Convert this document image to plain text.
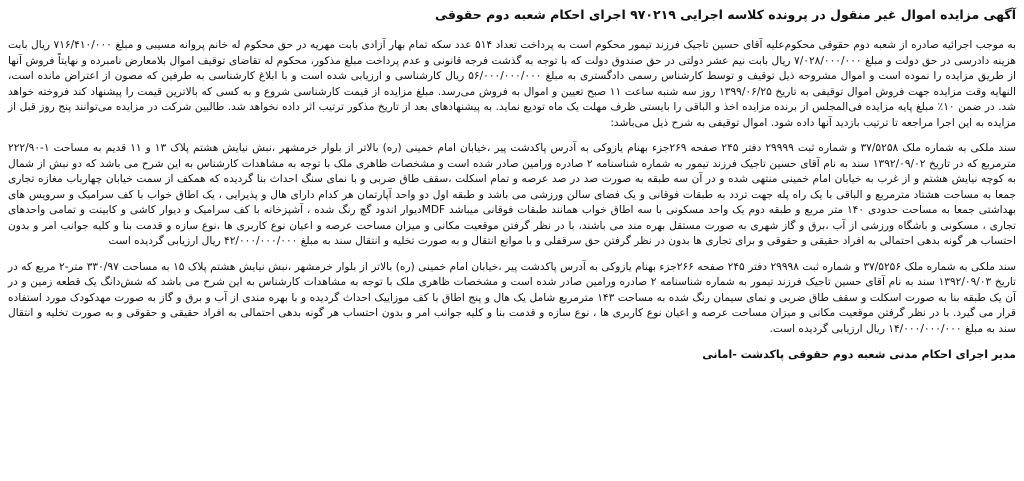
آگهی مزایده اموال غیر منقول در پرونده کلاسه اجرایی ۹۷۰۲۱۹ اجرای احکام شعبه دوم حقوقی

به موجب اجرائیه صادره از شعبه دوم حقوقی محکوم‌علیه آقای حسین تاجیک فرزند تیمور محکوم است به پرداخت تعداد ۵۱۴ عدد سکه تمام بهار آزادی بابت مهریه در حق محکوم له خانم پروانه مسیبی و مبلغ ۷۱۶/۴۱۰/۰۰۰ ریال بابت هزینه دادرسی در حق دولت و مبلغ ۷/۰۲۸/۰۰۰/۰۰۰ ریال بابت نیم عشر دولتی در حق صندوق دولت که با توجه به گذشت فرجه قانونی و عدم پرداخت مبلغ مذکور، محکوم له تقاضای توقیف اموال بلامعارض نامبرده و نهایتاً فروش آنها از طریق مزایده را نموده است و اموال مشروحه ذیل توقیف و توسط کارشناس رسمی دادگستری به مبلغ ۵۶/۰۰۰/۰۰۰/۰۰۰ ریال کارشناسی و ارزیابی شده است و با ابلاغ کارشناسی به طرفین که مصون از اعتراض مانده است، النهایه وقت مزایده جهت فروش اموال توقیفی به تاریخ ۱۳۹۹/۰۶/۲۵ روز سه شنبه ساعت ۱۱ صبح تعیین و اموال به فروش می‌رسد. مبلغ مزایده از قیمت کارشناسی شروع و به کسی که بالاترین قیمت را پیشنهاد کند فروخته خواهد شد. در ضمن ۱۰٪ مبلغ پایه مزایده فی‌المجلس از برنده مزایده اخذ و الباقی را بایستی ظرف مهلت یک ماه تودیع نماید. به پیشنهادهای بعد از تاریخ مذکور ترتیب اثر داده نخواهد شد. طالبین شرکت در مزایده می‌توانند پنج روز قبل از مزایده به این اجرا مراجعه تا ترتیب بازدید آنها داده شود. اموال توقیفی به شرح ذیل می‌باشد:

سند ملکی به شماره ملک ۳۷/۵۲۵۸ و شماره ثبت ۲۹۹۹۹ دفتر ۲۴۵ صفحه ۲۶۹جزء بهنام یازوکی به آدرس پاکدشت پیر ،خیابان امام خمینی (ره) بالاتر از بلوار خرمشهر ،نبش نیایش هشتم پلاک ۱۳ و ۱۱ قدیم به مساحت ۱-۲۲۲/۹۰ مترمربع که در تاریخ ۱۳۹۲/۰۹/۰۲ سند به نام آقای حسین تاجیک فرزند تیمور به شماره شناسنامه ۲ صادره ورامین صادر شده است و مشخصات ظاهری ملک با توجه به مشاهدات کارشناس به این شرح می باشد که دو نبش از شمال به کوچه نیایش هشتم و از غرب به خیابان امام خمینی منتهی شده و در آن سه طبقه به صورت صد در صد عرصه و تمام اسکلت ،سقف طاق ضربی و با نمای سنگ احداث بنا گردیده که همکف از سمت خیابان چهارباب مغازه تجاری جمعا به مساحت هشتاد مترمربع و الباقی با یک راه پله جهت تردد به طبقات فوقانی و یک فضای سالن ورزشی می باشد و طبقه اول دو واحد آپارتمان هر کدام دارای هال و پذیرایی ، یک اطاق خواب با کف سرامیک و سرویس های بهداشتی جمعا به مساحت حدودی ۱۴۰ متر مربع و طبقه دوم یک واحد مسکونی با سه اطاق خواب همانند طبقات فوقانی میباشد MDFدیوار اندود گچ رنگ شده ، آشپزخانه با کف سرامیک و دیوار کاشی و کابینت و تمامی واحدهای تجاری ، مسکونی و باشگاه ورزشی از آب ،برق و گاز شهری به صورت مستقل بهره مند می باشند، با در نظر گرفتن موقعیت مکانی و میزان مساحت عرصه و اعیان نوع کاربری ها ،نوع سازه و قدمت بنا و کلیه جوانب امر و بدون احتساب هر گونه بدهی احتمالی به افراد حقیقی و حقوقی و برای تجاری ها بدون در نظر گرفتن حق سرقفلی و با موانع انتقال و به صورت تخلیه و انتقال سند به مبلغ ۴۲/۰۰۰/۰۰۰/۰۰۰ ریال ارزیابی گردیده است

سند ملکی به شماره ملک ۳۷/۵۲۵۶ و شماره ثبت ۲۹۹۹۸ دفتر ۲۴۵ صفحه ۲۶۶جزء بهنام یازوکی به آدرس پاکدشت پیر ،خیابان امام خمینی (ره) بالاتر از بلوار خرمشهر ،نبش نیایش هشتم پلاک ۱۵ به مساحت ۳۳۰/۹۷ متر-۲ مربع که در تاریخ ۱۳۹۲/۰۹/۰۳ سند به نام آقای حسین تاجیک فرزند تیمور به شماره شناسنامه ۲ صادره ورامین صادر شده است و مشخصات ظاهری ملک با توجه به مشاهدات کارشناس به این شرح می باشد که شش‌دانگ یک قطعه زمین و در آن یک طبقه بنا به صورت اسکلت و سقف طاق ضربی و نمای سیمان رنگ شده به مساحت ۱۴۳ مترمربع شامل یک هال و پنج اطاق با کف موزاییک احداث گردیده و با بهره مندی از آب و برق و گاز به صورت مهدکودک مورد استفاده قرار می گیرد. با در نظر گرفتن موقعیت مکانی و میزان مساحت عرصه و اعیان نوع کاربری ها ، نوع سازه و قدمت بنا و کلیه جوانب امر و بدون احتساب هر گونه بدهی احتمالی به افراد حقیقی و حقوقی و به صورت تخلیه و انتقال سند به مبلغ ۱۴/۰۰۰/۰۰۰/۰۰۰ ریال ارزیابی گردیده است.

مدیر اجرای احکام مدنی شعبه دوم حقوقی پاکدشت -امانی
